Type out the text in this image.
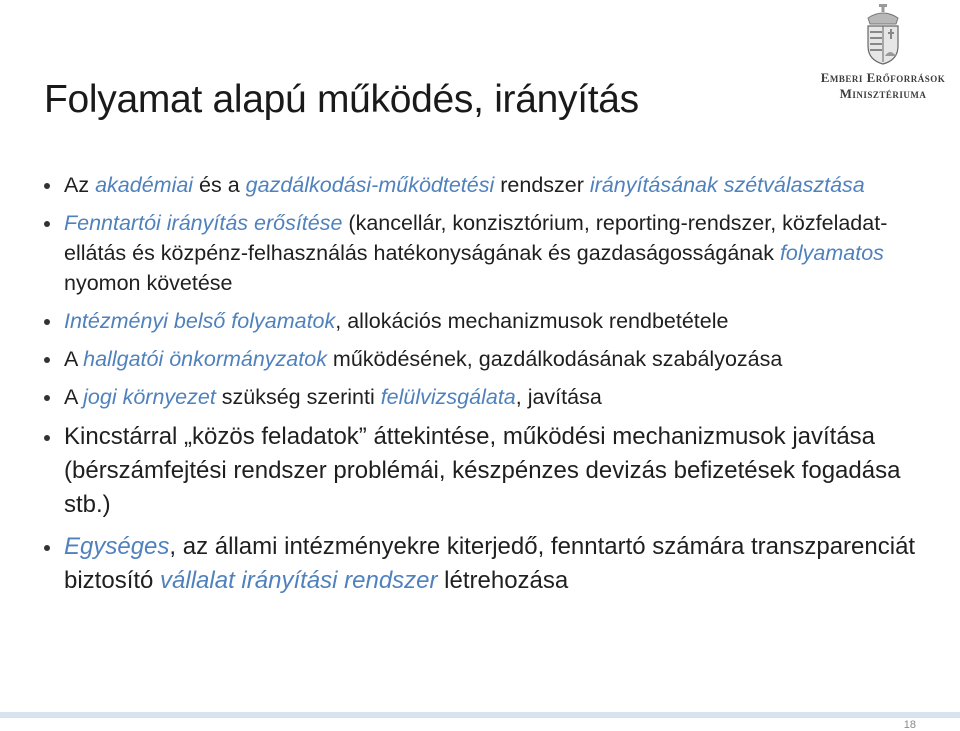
Folyamat alapú működés, irányítás
Emberi Erőforrások
Minisztériuma
Az akadémiai és a gazdálkodási-működtetési rendszer irányításának szétválasztása
Fenntartói irányítás erősítése (kancellár, konzisztórium, reporting-rendszer, közfeladat-ellátás és közpénz-felhasználás hatékonyságának és gazdaságosságának folyamatos nyomon követése
Intézményi belső folyamatok, allokációs mechanizmusok rendbetétele
A hallgatói önkormányzatok működésének, gazdálkodásának szabályozása
A jogi környezet szükség szerinti felülvizsgálata, javítása
Kincstárral „közös feladatok” áttekintése, működési mechanizmusok javítása (bérszámfejtési rendszer problémái, készpénzes devizás befizetések fogadása stb.)
Egységes, az állami intézményekre kiterjedő, fenntartó számára transzparenciát biztosító vállalat irányítási rendszer létrehozása
18
